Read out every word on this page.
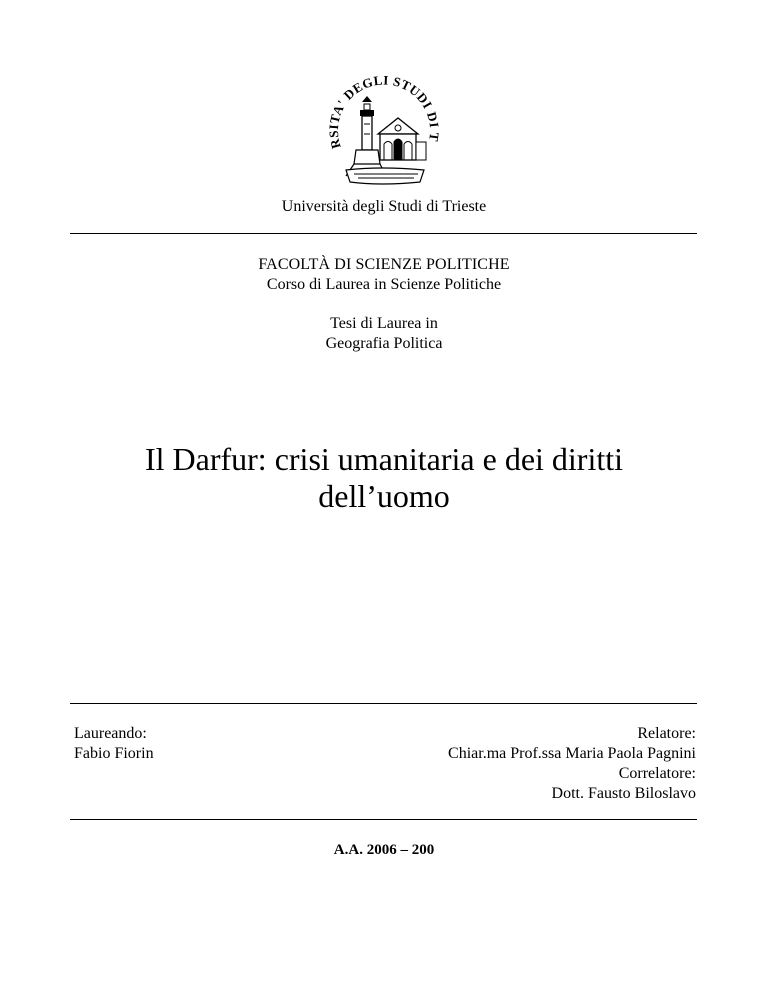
RSITA' DEGLI STUDI DI T
Università degli Studi di Trieste
FACOLTÀ DI SCIENZE POLITICHE
Corso di Laurea in Scienze Politiche
Tesi di Laurea in
Geografia Politica
Il Darfur: crisi umanitaria e dei diritti
dell’uomo
Laureando:
Fabio Fiorin
Relatore:
Chiar.ma Prof.ssa Maria Paola Pagnini
Correlatore:
Dott. Fausto Biloslavo
A.A. 2006 – 200
